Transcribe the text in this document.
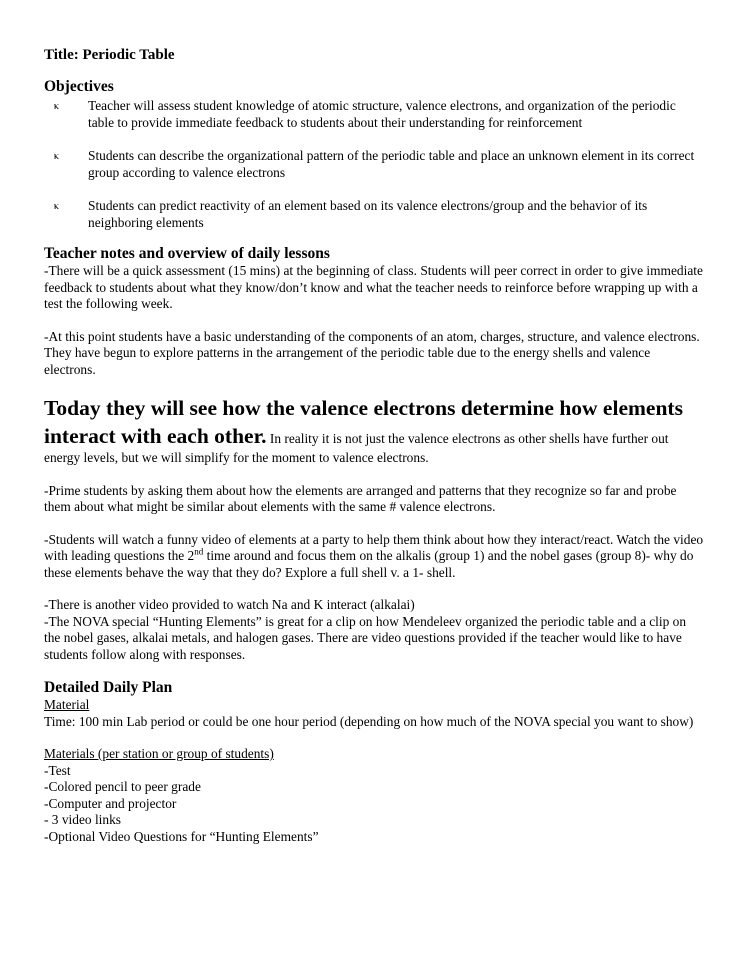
Title: Periodic Table
Objectives
ⲕ Teacher will assess student knowledge of atomic structure, valence electrons, and organization of the periodic table to provide immediate feedback to students about their understanding for reinforcement
ⲕ Students can describe the organizational pattern of the periodic table and place an unknown element in its correct group according to valence electrons
ⲕ Students can predict reactivity of an element based on its valence electrons/group and the behavior of its neighboring elements
Teacher notes and overview of daily lessons

-There will be a quick assessment (15 mins) at the beginning of class. Students will peer correct in order to give immediate feedback to students about what they know/don’t know and what the teacher needs to reinforce before wrapping up with a test the following week.

-At this point students have a basic understanding of the components of an atom, charges, structure, and valence electrons. They have begun to explore patterns in the arrangement of the periodic table due to the energy shells and valence electrons.

Today they will see how the valence electrons determine how elements interact with each other. In reality it is not just the valence electrons as other shells have further out energy levels, but we will simplify for the moment to valence electrons.

-Prime students by asking them about how the elements are arranged and patterns that they recognize so far and probe them about what might be similar about elements with the same # valence electrons.

-Students will watch a funny video of elements at a party to help them think about how they interact/react. Watch the video with leading questions the 2nd time around and focus them on the alkalis (group 1) and the nobel gases (group 8)- why do these elements behave the way that they do? Explore a full shell v. a 1- shell.

-There is another video provided to watch Na and K interact (alkalai)

-The NOVA special “Hunting Elements” is great for a clip on how Mendeleev organized the periodic table and a clip on the nobel gases, alkalai metals, and halogen gases. There are video questions provided if the teacher would like to have students follow along with responses.

Detailed Daily Plan
Material

Time: 100 min Lab period or could be one hour period (depending on how much of the NOVA special you want to show)

Materials (per station or group of students)
-Test
-Colored pencil to peer grade
-Computer and projector
- 3 video links
-Optional Video Questions for “Hunting Elements”
